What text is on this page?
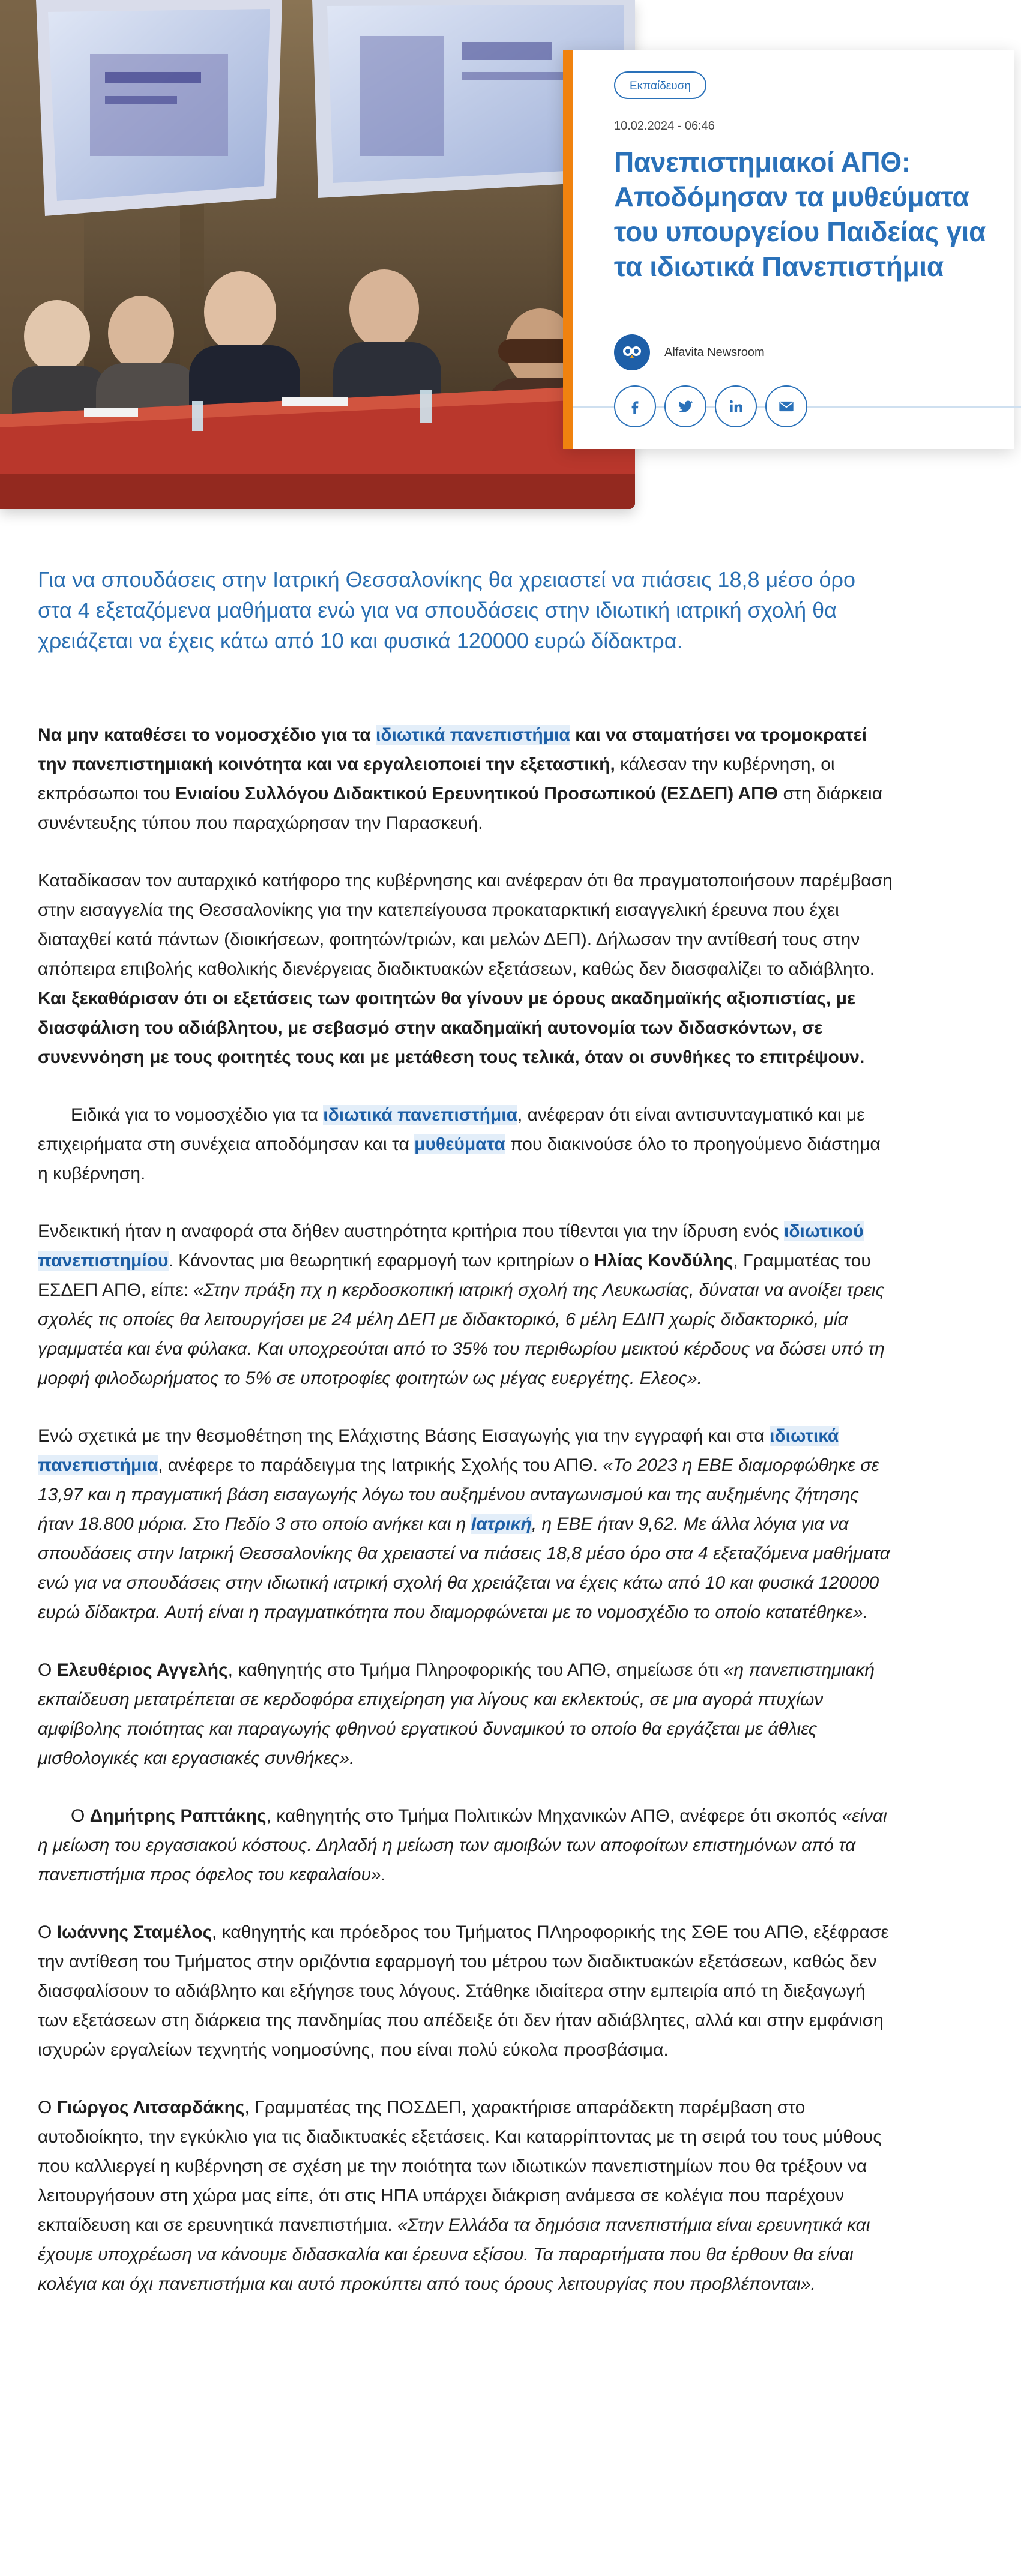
Εκπαίδευση
10.02.2024 - 06:46
Πανεπιστημιακοί ΑΠΘ: Αποδόμησαν τα μυθεύματα του υπουργείου Παιδείας για τα ιδιωτικά Πανεπιστήμια
Alfavita Newsroom

Για να σπουδάσεις στην Ιατρική Θεσσαλονίκης θα χρειαστεί να πιάσεις 18,8 μέσο όρο στα 4 εξεταζόμενα μαθήματα ενώ για να σπουδάσεις στην ιδιωτική ιατρική σχολή θα χρειάζεται να έχεις κάτω από 10 και φυσικά 120000 ευρώ δίδακτρα.

Να μην καταθέσει το νομοσχέδιο για τα ιδιωτικά πανεπιστήμια και να σταματήσει να τρομοκρατεί την πανεπιστημιακή κοινότητα και να εργαλειοποιεί την εξεταστική, κάλεσαν την κυβέρνηση, οι εκπρόσωποι του Ενιαίου Συλλόγου Διδακτικού Ερευνητικού Προσωπικού (ΕΣΔΕΠ) ΑΠΘ στη διάρκεια συνέντευξης τύπου που παραχώρησαν την Παρασκευή.

Καταδίκασαν τον αυταρχικό κατήφορο της κυβέρνησης και ανέφεραν ότι θα πραγματοποιήσουν παρέμβαση στην εισαγγελία της Θεσσαλονίκης για την κατεπείγουσα προκαταρκτική εισαγγελική έρευνα που έχει διαταχθεί κατά πάντων (διοικήσεων, φοιτητών/τριών, και μελών ΔΕΠ). Δήλωσαν την αντίθεσή τους στην απόπειρα επιβολής καθολικής διενέργειας διαδικτυακών εξετάσεων, καθώς δεν διασφαλίζει το αδιάβλητο. Και ξεκαθάρισαν ότι οι εξετάσεις των φοιτητών θα γίνουν με όρους ακαδημαϊκής αξιοπιστίας, με διασφάλιση του αδιάβλητου, με σεβασμό στην ακαδημαϊκή αυτονομία των διδασκόντων, σε συνεννόηση με τους φοιτητές τους και με μετάθεση τους τελικά, όταν οι συνθήκες το επιτρέψουν.

Ειδικά για το νομοσχέδιο για τα ιδιωτικά πανεπιστήμια, ανέφεραν ότι είναι αντισυνταγματικό και με επιχειρήματα στη συνέχεια αποδόμησαν και τα μυθεύματα που διακινούσε όλο το προηγούμενο διάστημα η κυβέρνηση.

Ενδεικτική ήταν η αναφορά στα δήθεν αυστηρότητα κριτήρια που τίθενται για την ίδρυση ενός ιδιωτικού πανεπιστημίου. Κάνοντας μια θεωρητική εφαρμογή των κριτηρίων ο Ηλίας Κονδύλης, Γραμματέας του ΕΣΔΕΠ ΑΠΘ, είπε: «Στην πράξη πχ η κερδοσκοπική ιατρική σχολή της Λευκωσίας, δύναται να ανοίξει τρεις σχολές τις οποίες θα λειτουργήσει με 24 μέλη ΔΕΠ με διδακτορικό, 6 μέλη ΕΔΙΠ χωρίς διδακτορικό, μία γραμματέα και ένα φύλακα. Και υποχρεούται από το 35% του περιθωρίου μεικτού κέρδους να δώσει υπό τη μορφή φιλοδωρήματος το 5% σε υποτροφίες φοιτητών ως μέγας ευεργέτης. Ελεος».

Ενώ σχετικά με την θεσμοθέτηση της Ελάχιστης Βάσης Εισαγωγής για την εγγραφή και στα ιδιωτικά πανεπιστήμια, ανέφερε το παράδειγμα της Ιατρικής Σχολής του ΑΠΘ. «Το 2023 η ΕΒΕ διαμορφώθηκε σε 13,97 και η πραγματική βάση εισαγωγής λόγω του αυξημένου ανταγωνισμού και της αυξημένης ζήτησης ήταν 18.800 μόρια. Στο Πεδίο 3 στο οποίο ανήκει και η Ιατρική, η ΕΒΕ ήταν 9,62. Με άλλα λόγια για να σπουδάσεις στην Ιατρική Θεσσαλονίκης θα χρειαστεί να πιάσεις 18,8 μέσο όρο στα 4 εξεταζόμενα μαθήματα ενώ για να σπουδάσεις στην ιδιωτική ιατρική σχολή θα χρειάζεται να έχεις κάτω από 10 και φυσικά 120000 ευρώ δίδακτρα. Αυτή είναι η πραγματικότητα που διαμορφώνεται με το νομοσχέδιο το οποίο κατατέθηκε».

Ο Ελευθέριος Αγγελής, καθηγητής στο Τμήμα Πληροφορικής του ΑΠΘ, σημείωσε ότι «η πανεπιστημιακή εκπαίδευση μετατρέπεται σε κερδοφόρα επιχείρηση για λίγους και εκλεκτούς, σε μια αγορά πτυχίων αμφίβολης ποιότητας και παραγωγής φθηνού εργατικού δυναμικού το οποίο θα εργάζεται με άθλιες μισθολογικές και εργασιακές συνθήκες».

Ο Δημήτρης Ραπτάκης, καθηγητής στο Τμήμα Πολιτικών Μηχανικών ΑΠΘ, ανέφερε ότι σκοπός «είναι η μείωση του εργασιακού κόστους. Δηλαδή η μείωση των αμοιβών των αποφοίτων επιστημόνων από τα πανεπιστήμια προς όφελος του κεφαλαίου».

Ο Ιωάννης Σταμέλος, καθηγητής και πρόεδρος του Τμήματος ΠΛηροφορικής της ΣΘΕ του ΑΠΘ, εξέφρασε την αντίθεση του Τμήματος στην οριζόντια εφαρμογή του μέτρου των διαδικτυακών εξετάσεων, καθώς δεν διασφαλίσουν το αδιάβλητο και εξήγησε τους λόγους. Στάθηκε ιδιαίτερα στην εμπειρία από τη διεξαγωγή των εξετάσεων στη διάρκεια της πανδημίας που απέδειξε ότι δεν ήταν αδιάβλητες, αλλά και στην εμφάνιση ισχυρών εργαλείων τεχνητής νοημοσύνης, που είναι πολύ εύκολα προσβάσιμα.

Ο Γιώργος Λιτσαρδάκης, Γραμματέας της ΠΟΣΔΕΠ, χαρακτήρισε απαράδεκτη παρέμβαση στο αυτοδιοίκητο, την εγκύκλιο για τις διαδικτυακές εξετάσεις. Και καταρρίπτοντας με τη σειρά του τους μύθους που καλλιεργεί η κυβέρνηση σε σχέση με την ποιότητα των ιδιωτικών πανεπιστημίων που θα τρέξουν να λειτουργήσουν στη χώρα μας είπε, ότι στις ΗΠΑ υπάρχει διάκριση ανάμεσα σε κολέγια που παρέχουν εκπαίδευση και σε ερευνητικά πανεπιστήμια. «Στην Ελλάδα τα δημόσια πανεπιστήμια είναι ερευνητικά και έχουμε υποχρέωση να κάνουμε διδασκαλία και έρευνα εξίσου. Τα παραρτήματα που θα έρθουν θα είναι κολέγια και όχι πανεπιστήμια και αυτό προκύπτει από τους όρους λειτουργίας που προβλέπονται».
